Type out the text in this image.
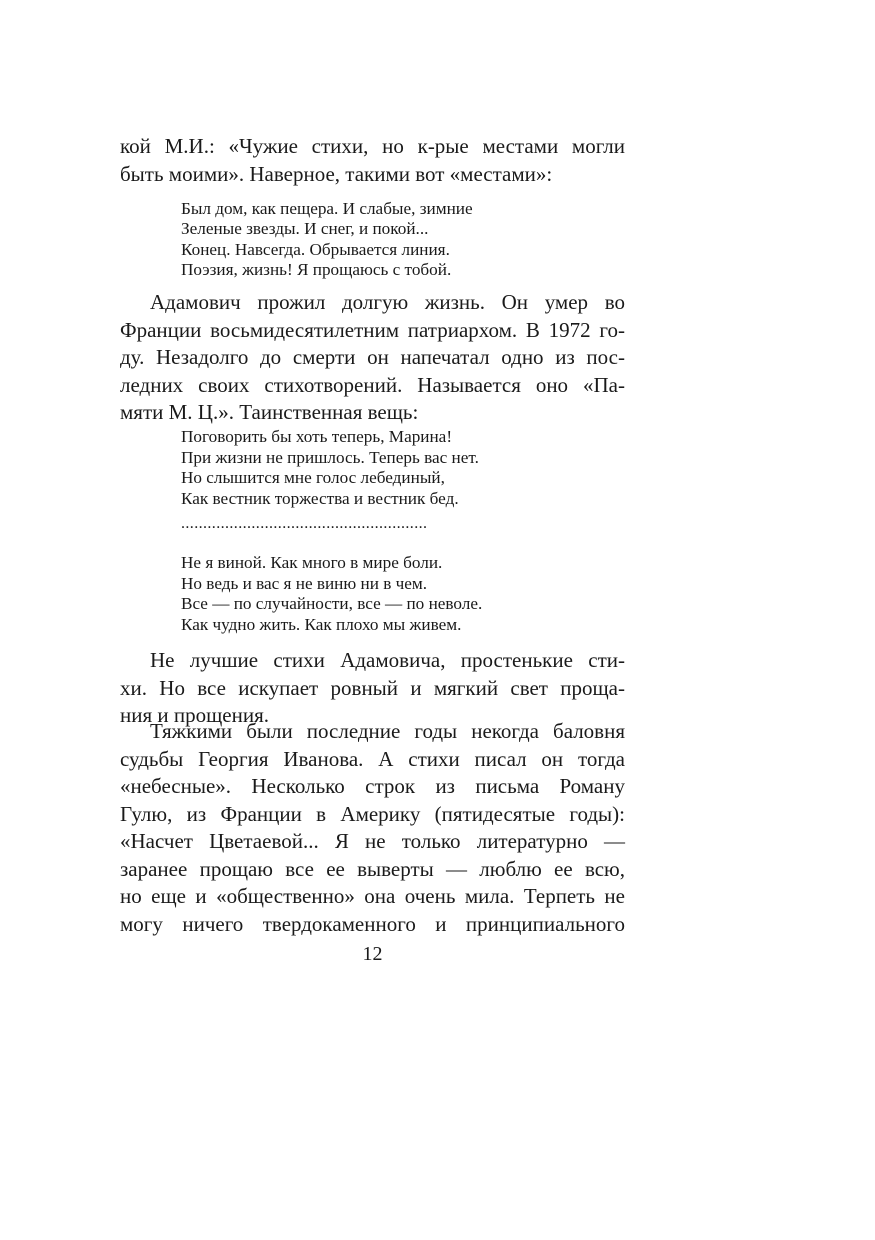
кой М.И.: «Чужие стихи, но к-рые местами могли
быть моими». Наверное, такими вот «местами»:
Был дом, как пещера. И слабые, зимние
Зеленые звезды. И снег, и покой...
Конец. Навсегда. Обрывается линия.
Поэзия, жизнь! Я прощаюсь с тобой.
Адамович прожил долгую жизнь. Он умер во
Франции восьмидесятилетним патриархом. В 1972 го-
ду. Незадолго до смерти он напечатал одно из пос-
ледних своих стихотворений. Называется оно «Па-
мяти М. Ц.». Таинственная вещь:
Поговорить бы хоть теперь, Марина!
При жизни не пришлось. Теперь вас нет.
Но слышится мне голос лебединый,
Как вестник торжества и вестник бед.
........................................................
Не я виной. Как много в мире боли.
Но ведь и вас я не виню ни в чем.
Все — по случайности, все — по неволе.
Как чудно жить. Как плохо мы живем.
Не лучшие стихи Адамовича, простенькие сти-
хи. Но все искупает ровный и мягкий свет проща-
ния и прощения.
Тяжкими были последние годы некогда баловня
судьбы Георгия Иванова. А стихи писал он тогда
«небесные». Несколько строк из письма Роману
Гулю, из Франции в Америку (пятидесятые годы):
«Насчет Цветаевой... Я не только литературно —
заранее прощаю все ее выверты — люблю ее всю,
но еще и «общественно» она очень мила. Терпеть не
могу ничего твердокаменного и принципиального
12
